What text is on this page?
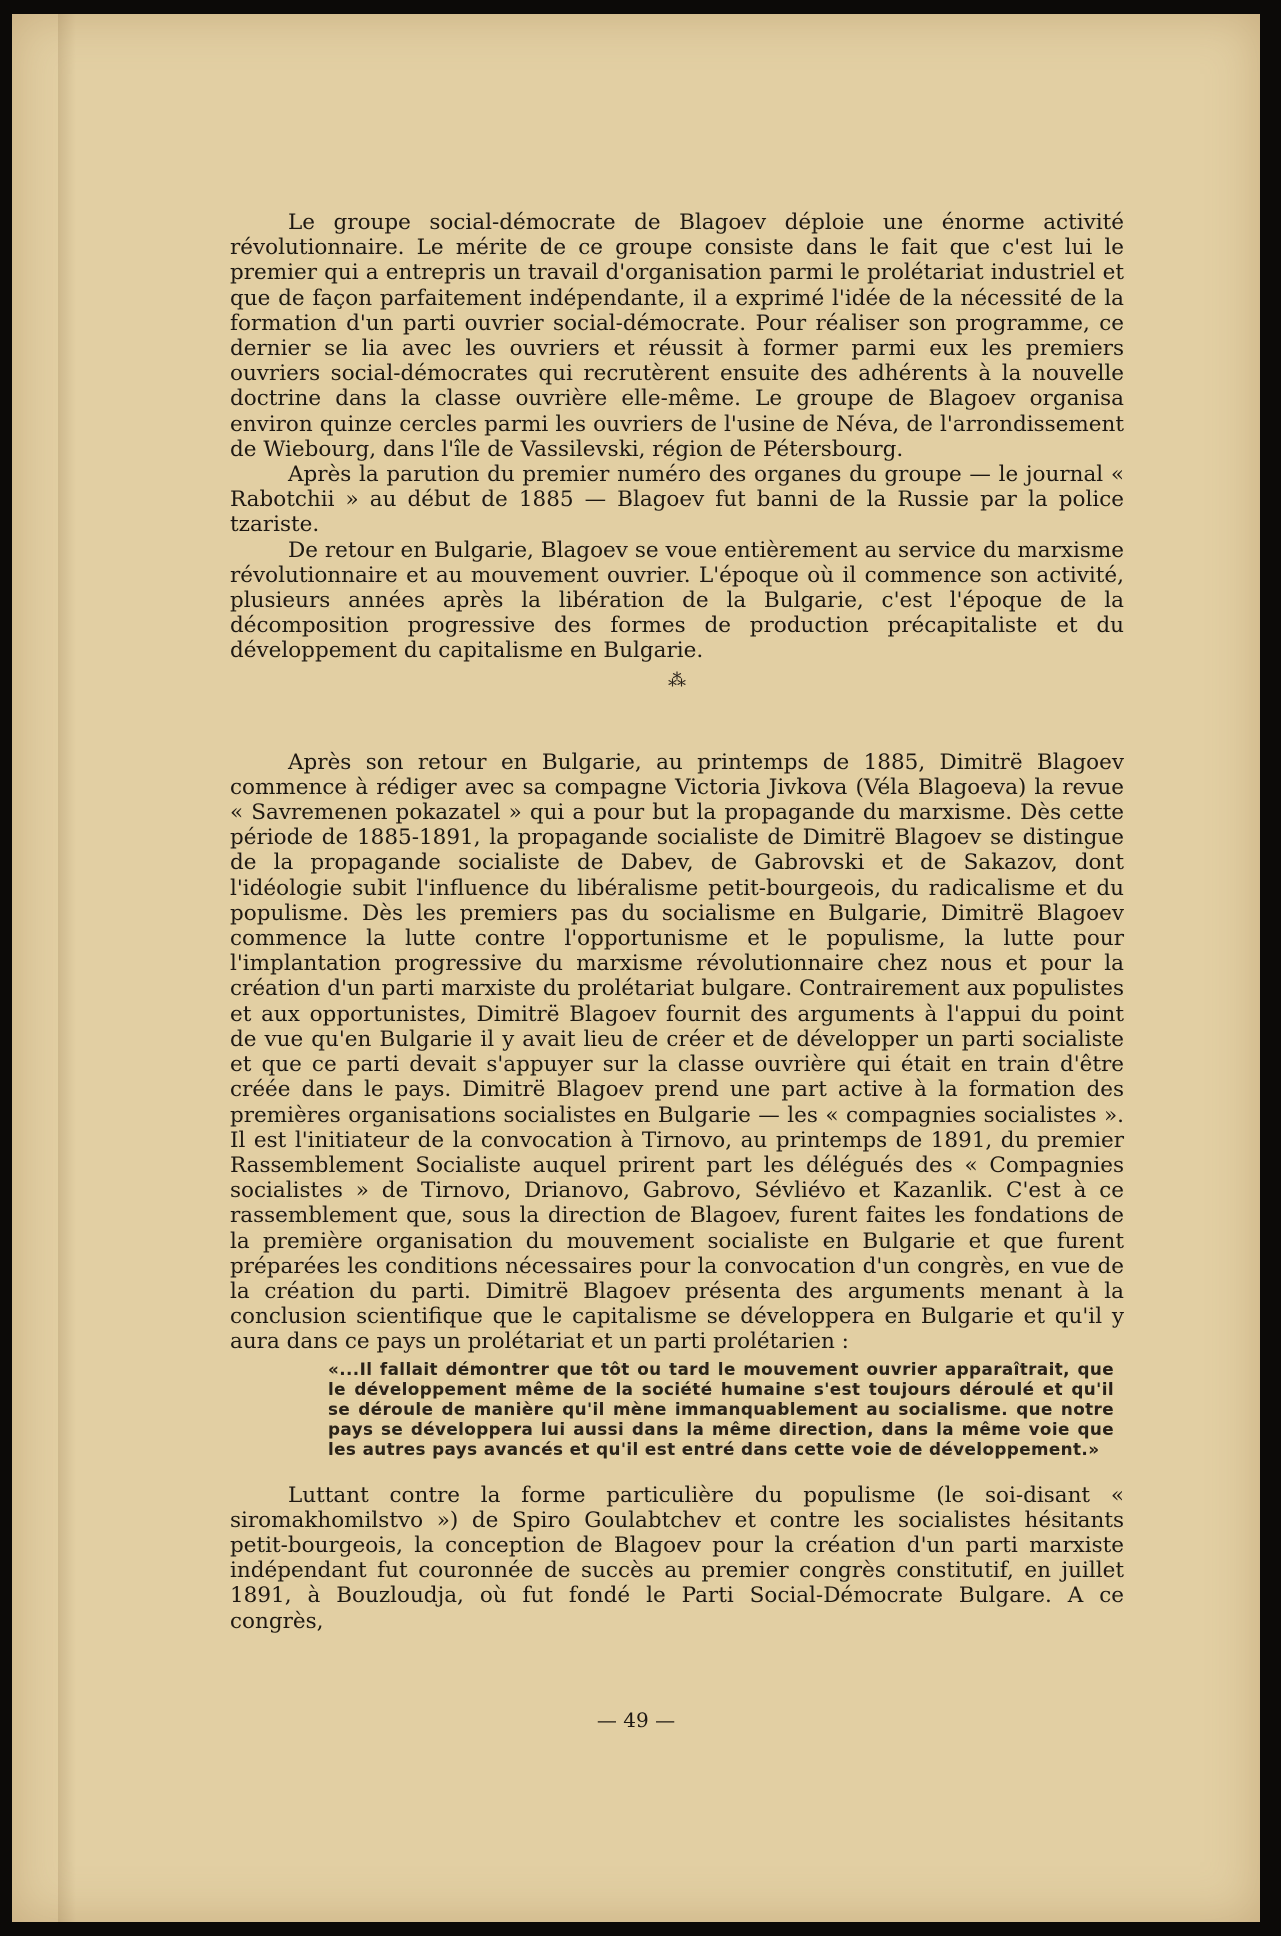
Le groupe social-démocrate de Blagoev déploie une énorme activité révolutionnaire. Le mérite de ce groupe consiste dans le fait que c'est lui le premier qui a entrepris un travail d'organisation parmi le prolétariat industriel et que de façon parfaitement indépendante, il a exprimé l'idée de la nécessité de la formation d'un parti ouvrier social-démocrate. Pour réaliser son programme, ce dernier se lia avec les ouvriers et réussit à former parmi eux les premiers ouvriers social-démocrates qui recrutèrent ensuite des adhérents à la nouvelle doctrine dans la classe ouvrière elle-même. Le groupe de Blagoev organisa environ quinze cercles parmi les ouvriers de l'usine de Néva, de l'arrondissement de Wiebourg, dans l'île de Vassilevski, région de Pétersbourg.

Après la parution du premier numéro des organes du groupe — le journal « Rabotchii » au début de 1885 — Blagoev fut banni de la Russie par la police tzariste.

De retour en Bulgarie, Blagoev se voue entièrement au service du marxisme révolutionnaire et au mouvement ouvrier. L'époque où il commence son activité, plusieurs années après la libération de la Bulgarie, c'est l'époque de la décomposition progressive des formes de production précapitaliste et du développement du capitalisme en Bulgarie.

⁂

Après son retour en Bulgarie, au printemps de 1885, Dimitrë Blagoev commence à rédiger avec sa compagne Victoria Jivkova (Véla Blagoeva) la revue « Savremenen pokazatel » qui a pour but la propagande du marxisme. Dès cette période de 1885-1891, la propagande socialiste de Dimitrë Blagoev se distingue de la propagande socialiste de Dabev, de Gabrovski et de Sakazov, dont l'idéologie subit l'influence du libéralisme petit-bourgeois, du radicalisme et du populisme. Dès les premiers pas du socialisme en Bulgarie, Dimitrë Blagoev commence la lutte contre l'opportunisme et le populisme, la lutte pour l'implantation progressive du marxisme révolutionnaire chez nous et pour la création d'un parti marxiste du prolétariat bulgare. Contrairement aux populistes et aux opportunistes, Dimitrë Blagoev fournit des arguments à l'appui du point de vue qu'en Bulgarie il y avait lieu de créer et de développer un parti socialiste et que ce parti devait s'appuyer sur la classe ouvrière qui était en train d'être créée dans le pays. Dimitrë Blagoev prend une part active à la formation des premières organisations socialistes en Bulgarie — les « compagnies socialistes ». Il est l'initiateur de la convocation à Tirnovo, au printemps de 1891, du premier Rassemblement Socialiste auquel prirent part les délégués des « Compagnies socialistes » de Tirnovo, Drianovo, Gabrovo, Sévliévo et Kazanlik. C'est à ce rassemblement que, sous la direction de Blagoev, furent faites les fondations de la première organisation du mouvement socialiste en Bulgarie et que furent préparées les conditions nécessaires pour la convocation d'un congrès, en vue de la création du parti. Dimitrë Blagoev présenta des arguments menant à la conclusion scientifique que le capitalisme se développera en Bulgarie et qu'il y aura dans ce pays un prolétariat et un parti prolétarien :

«...Il fallait démontrer que tôt ou tard le mouvement ouvrier apparaîtrait, que le développement même de la société humaine s'est toujours déroulé et qu'il se déroule de manière qu'il mène immanquablement au socialisme. que notre pays se développera lui aussi dans la même direction, dans la même voie que les autres pays avancés et qu'il est entré dans cette voie de développement.»

Luttant contre la forme particulière du populisme (le soi-disant « siromakhomilstvo ») de Spiro Goulabtchev et contre les socialistes hésitants petit-bourgeois, la conception de Blagoev pour la création d'un parti marxiste indépendant fut couronnée de succès au premier congrès constitutif, en juillet 1891, à Bouzloudja, où fut fondé le Parti Social-Démocrate Bulgare. A ce congrès,

— 49 —
